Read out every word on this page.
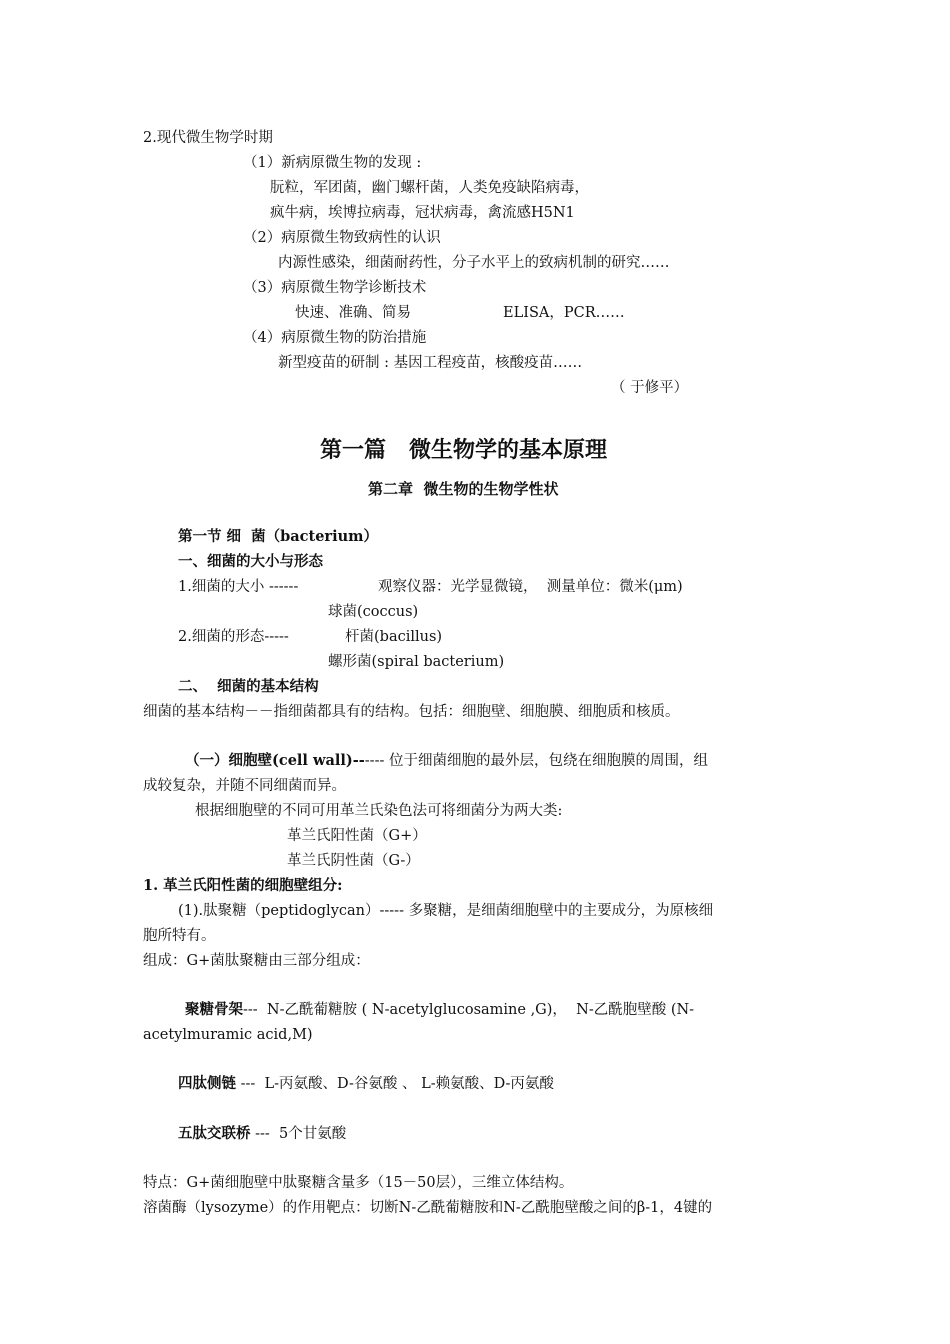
2.现代微生物学时期
（1）新病原微生物的发现 :
朊粒，军团菌，幽门螺杆菌，人类免疫缺陷病毒，
疯牛病，埃博拉病毒，冠状病毒，禽流感H5N1
（2）病原微生物致病性的认识
内源性感染，细菌耐药性，分子水平上的致病机制的研究……
（3）病原微生物学诊断技术
快速、准确、简易	ELISA，PCR……
（4）病原微生物的防治措施
新型疫苗的研制 : 基因工程疫苗，核酸疫苗……
（ 于修平）
第一篇   微生物学的基本原理
第二章  微生物的生物学性状
第一节 细  菌（bacterium）
一、细菌的大小与形态
1.细菌的大小 ------	观察仪器：光学显微镜，  测量单位：微米(μm)
球菌(coccus)
2.细菌的形态-----	杆菌(bacillus)
螺形菌(spiral bacterium)
二、  细菌的基本结构
细菌的基本结构－－指细菌都具有的结构。包括：细胞壁、细胞膜、细胞质和核质。
（一）细胞壁(cell wall)------ 位于细菌细胞的最外层，包绕在细胞膜的周围，组
成较复杂，并随不同细菌而异。
根据细胞壁的不同可用革兰氏染色法可将细菌分为两大类:
革兰氏阳性菌（G+）
革兰氏阴性菌（G-）
1. 革兰氏阳性菌的细胞壁组分:
(1).肽聚糖（peptidoglycan）----- 多聚糖，是细菌细胞壁中的主要成分，为原核细
胞所特有。
组成：G+菌肽聚糖由三部分组成：
聚糖骨架---  N-乙酰葡糖胺 ( N-acetylglucosamine ,G)，  N-乙酰胞壁酸 (N-
acetylmuramic acid,M)
四肽侧链 ---  L-丙氨酸、D-谷氨酸 、 L-赖氨酸、D-丙氨酸
五肽交联桥 ---  5个甘氨酸
特点：G+菌细胞壁中肽聚糖含量多（15－50层），三维立体结构。
溶菌酶（lysozyme）的作用靶点：切断N-乙酰葡糖胺和N-乙酰胞壁酸之间的β-1，4键的
